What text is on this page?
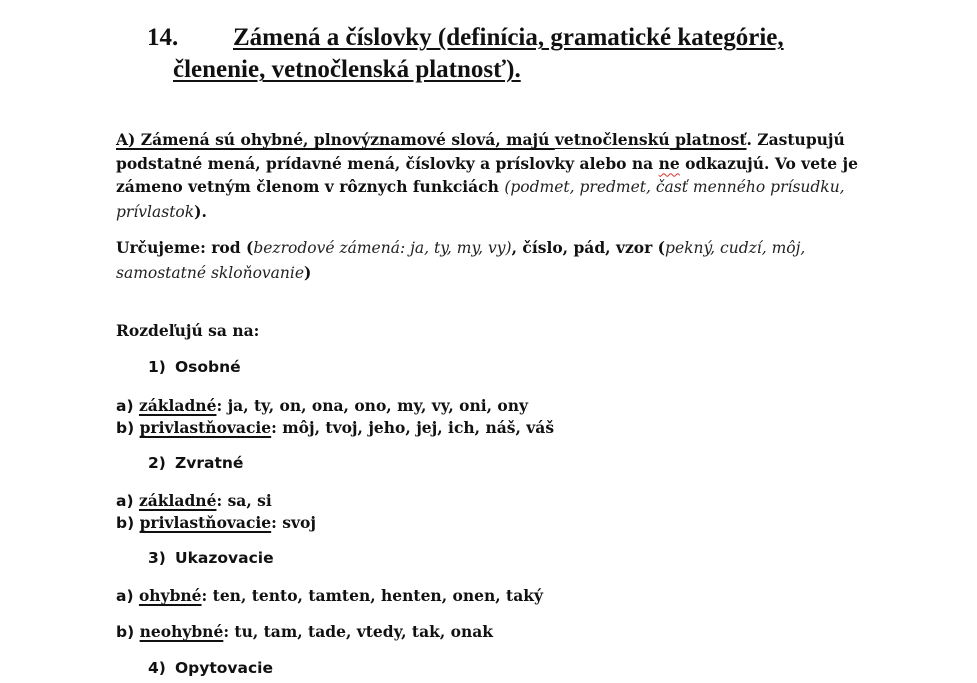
14. Zámená a číslovky (definícia, gramatické kategórie,
členenie, vetnočlenská platnosť).
A) Zámená sú ohybné, plnovýznamové slová, majú vetnočlenskú platnosť. Zastupujú podstatné mená, prídavné mená, číslovky a príslovky alebo na ne odkazujú. Vo vete je zámeno vetným členom v rôznych funkciách (podmet, predmet, časť menného prísudku, prívlastok).
Určujeme: rod (bezrodové zámená: ja, ty, my, vy), číslo, pád, vzor (pekný, cudzí, môj, samostatné skloňovanie)
Rozdeľujú sa na:
1) Osobné
a) základné: ja, ty, on, ona, ono, my, vy, oni, ony
b) privlastňovacie: môj, tvoj, jeho, jej, ich, náš, váš
2) Zvratné
a) základné: sa, si
b) privlastňovacie: svoj
3) Ukazovacie
a) ohybné: ten, tento, tamten, henten, onen, taký
b) neohybné: tu, tam, tade, vtedy, tak, onak
4) Opytovacie
